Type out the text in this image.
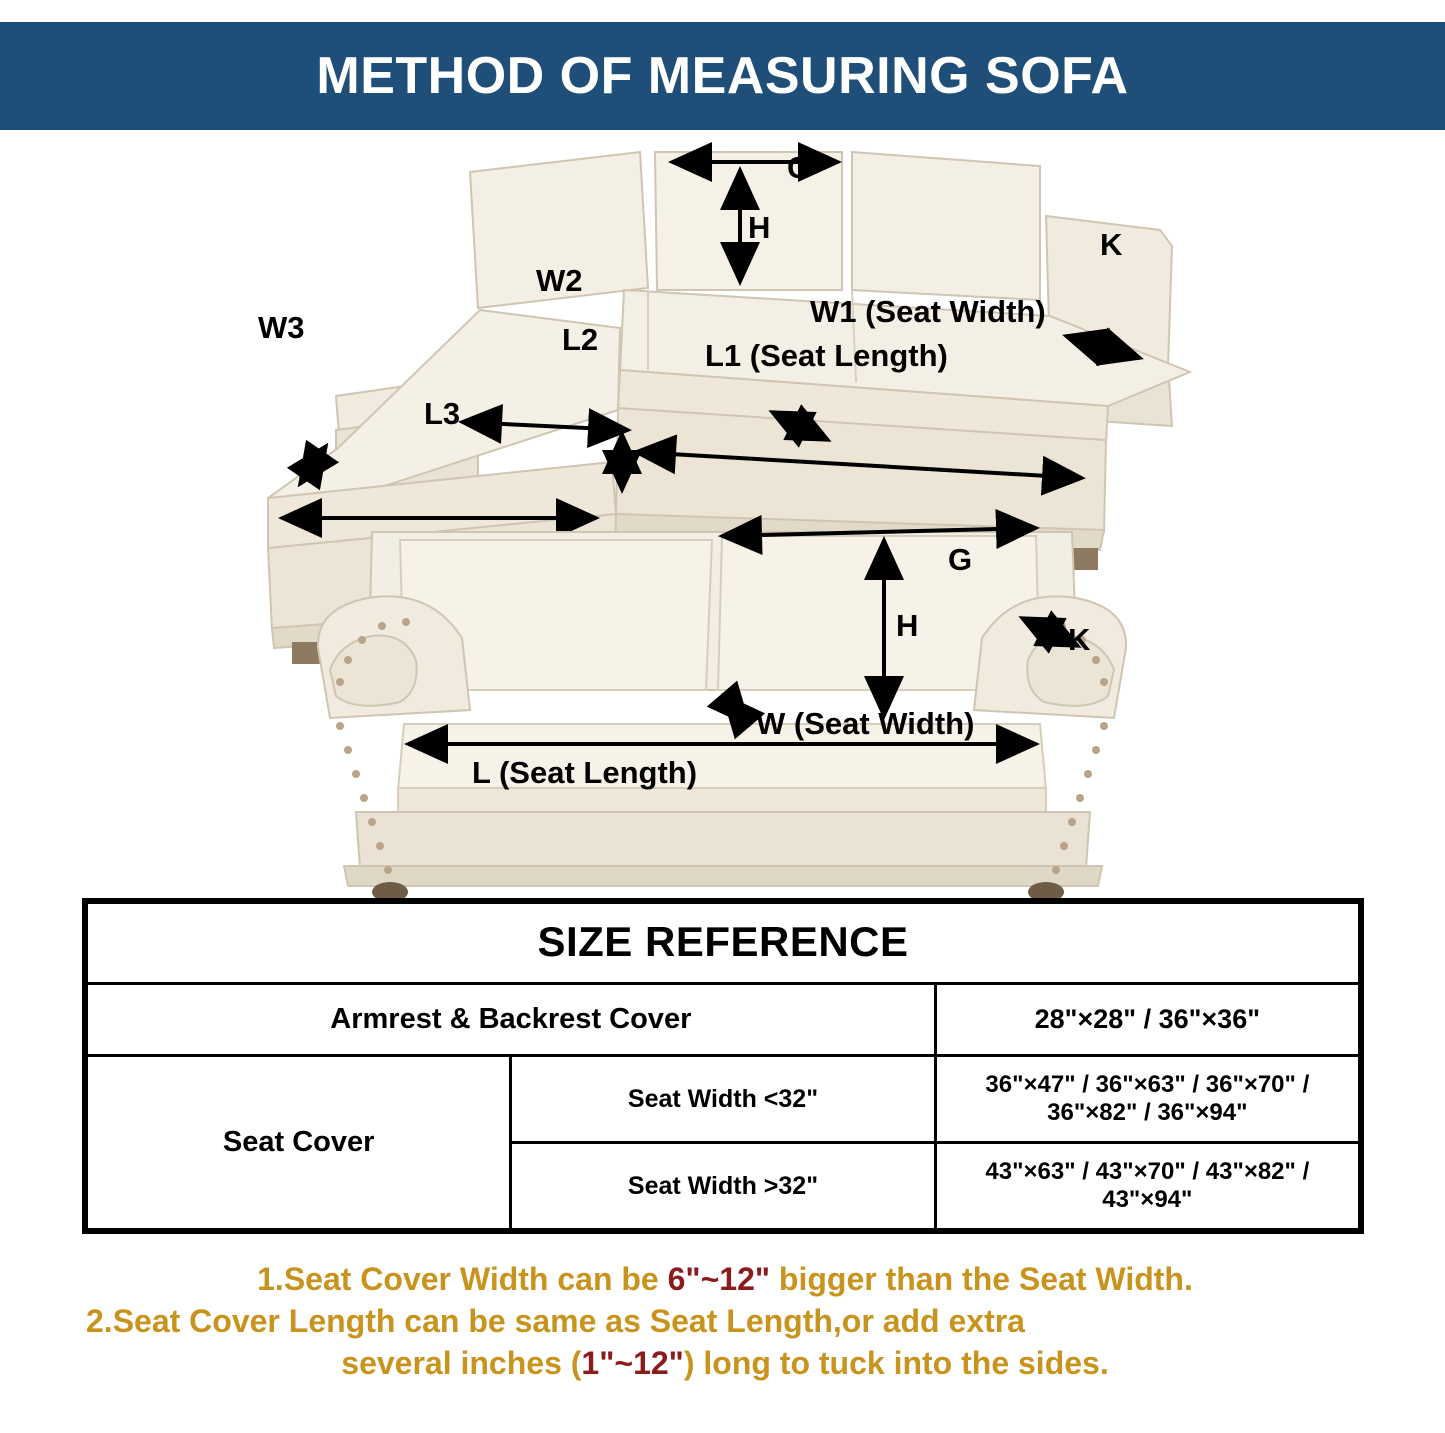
METHOD OF MEASURING SOFA
G
H	K
W1 (Seat Width)
W2
W3
L1 (Seat Length)
L2
L3
G
H	K
W (Seat Width)
L (Seat Length)
SIZE REFERENCE		
Armrest & Backrest Cover		28"×28" / 36"×36"
Seat Cover	Seat Width <32"	36"×47" / 36"×63" / 36"×70" / 36"×82" / 36"×94"
	Seat Width >32"	43"×63" / 43"×70" / 43"×82" / 43"×94"
1.Seat Cover Width can be 6"~12" bigger than the Seat Width.
2.Seat Cover Length can be same as Seat Length,or add extra
several inches (1"~12") long to tuck into the sides.
